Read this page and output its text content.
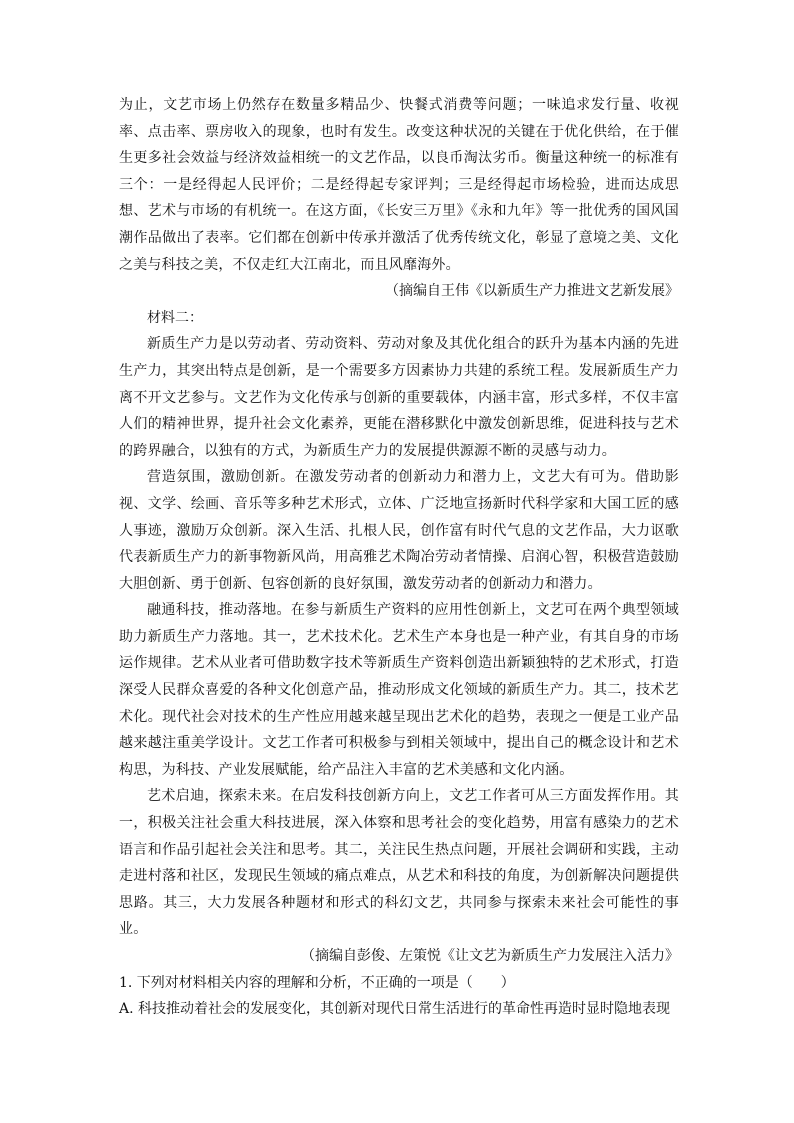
为止，文艺市场上仍然存在数量多精品少、快餐式消费等问题；一味追求发行量、收视率、点击率、票房收入的现象，也时有发生。改变这种状况的关键在于优化供给，在于催生更多社会效益与经济效益相统一的文艺作品，以良币淘汰劣币。衡量这种统一的标准有三个：一是经得起人民评价；二是经得起专家评判；三是经得起市场检验，进而达成思想、艺术与市场的有机统一。在这方面，《长安三万里》《永和九年》等一批优秀的国风国潮作品做出了表率。它们都在创新中传承并激活了优秀传统文化，彰显了意境之美、文化之美与科技之美，不仅走红大江南北，而且风靡海外。

（摘编自王伟《以新质生产力推进文艺新发展》

材料二：

新质生产力是以劳动者、劳动资料、劳动对象及其优化组合的跃升为基本内涵的先进生产力，其突出特点是创新，是一个需要多方因素协力共建的系统工程。发展新质生产力离不开文艺参与。文艺作为文化传承与创新的重要载体，内涵丰富，形式多样，不仅丰富人们的精神世界，提升社会文化素养，更能在潜移默化中激发创新思维，促进科技与艺术的跨界融合，以独有的方式，为新质生产力的发展提供源源不断的灵感与动力。

营造氛围，激励创新。在激发劳动者的创新动力和潜力上，文艺大有可为。借助影视、文学、绘画、音乐等多种艺术形式，立体、广泛地宣扬新时代科学家和大国工匠的感人事迹，激励万众创新。深入生活、扎根人民，创作富有时代气息的文艺作品，大力讴歌代表新质生产力的新事物新风尚，用高雅艺术陶冶劳动者情操、启润心智，积极营造鼓励大胆创新、勇于创新、包容创新的良好氛围，激发劳动者的创新动力和潜力。

融通科技，推动落地。在参与新质生产资料的应用性创新上，文艺可在两个典型领域助力新质生产力落地。其一，艺术技术化。艺术生产本身也是一种产业，有其自身的市场运作规律。艺术从业者可借助数字技术等新质生产资料创造出新颖独特的艺术形式，打造深受人民群众喜爱的各种文化创意产品，推动形成文化领域的新质生产力。其二，技术艺术化。现代社会对技术的生产性应用越来越呈现出艺术化的趋势，表现之一便是工业产品越来越注重美学设计。文艺工作者可积极参与到相关领域中，提出自己的概念设计和艺术构思，为科技、产业发展赋能，给产品注入丰富的艺术美感和文化内涵。

艺术启迪，探索未来。在启发科技创新方向上，文艺工作者可从三方面发挥作用。其一，积极关注社会重大科技进展，深入体察和思考社会的变化趋势，用富有感染力的艺术语言和作品引起社会关注和思考。其二，关注民生热点问题，开展社会调研和实践，主动走进村落和社区，发现民生领域的痛点难点，从艺术和科技的角度，为创新解决问题提供思路。其三，大力发展各种题材和形式的科幻文艺，共同参与探索未来社会可能性的事业。

（摘编自彭俊、左策悦《让文艺为新质生产力发展注入活力》

1. 下列对材料相关内容的理解和分析，不正确的一项是（　　）

A. 科技推动着社会的发展变化，其创新对现代日常生活进行的革命性再造时显时隐地表现
